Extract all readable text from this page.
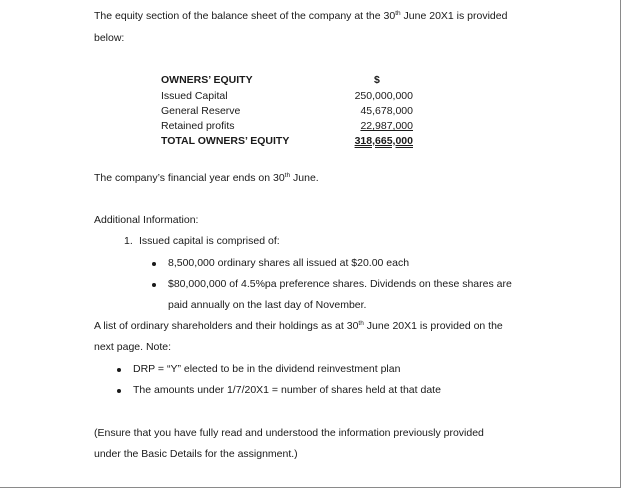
The equity section of the balance sheet of the company at the 30th June 20X1 is provided
below:
OWNERS’ EQUITY	$
Issued Capital	250,000,000
General Reserve	45,678,000
Retained profits	22,987,000
TOTAL OWNERS’ EQUITY	318,665,000
The company’s financial year ends on 30th June.
Additional Information:
1. Issued capital is comprised of:
8,500,000 ordinary shares all issued at $20.00 each
$80,000,000 of 4.5%pa preference shares. Dividends on these shares are
paid annually on the last day of November.
A list of ordinary shareholders and their holdings as at 30th June 20X1 is provided on the
next page. Note:
DRP = “Y” elected to be in the dividend reinvestment plan
The amounts under 1/7/20X1 = number of shares held at that date
(Ensure that you have fully read and understood the information previously provided
under the Basic Details for the assignment.)
